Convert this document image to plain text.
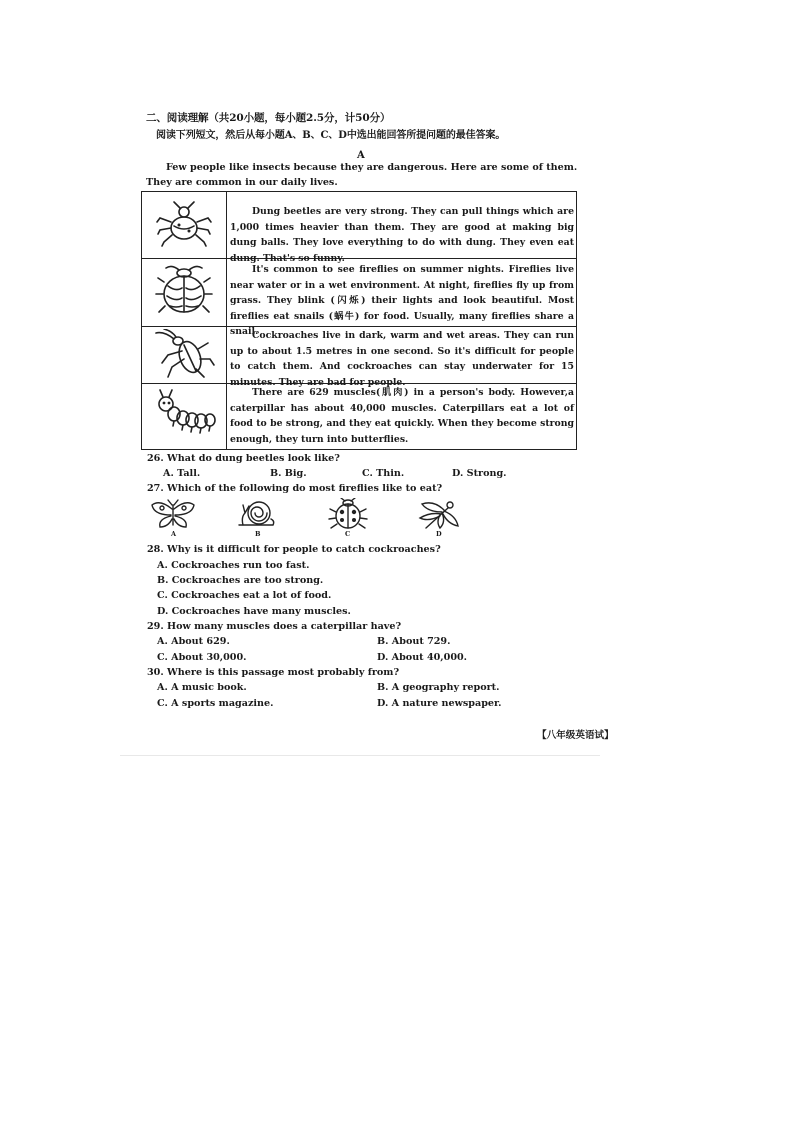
二、阅读理解（共20小题，每小题2.5分，计50分）
阅读下列短文，然后从每小题A、B、C、D中选出能回答所提问题的最佳答案。
A
Few people like insects because they are dangerous. Here are some of them. They are common in our daily lives.
Dung beetles are very strong. They can pull things which are 1,000 times heavier than them. They are good at making big dung balls. They love everything to do with dung. They even eat dung. That's so funny.
It's common to see fireflies on summer nights. Fireflies live near water or in a wet environment. At night, fireflies fly up from grass. They blink (闪烁) their lights and look beautiful. Most fireflies eat snails (蜗牛) for food. Usually, many fireflies share a snail.
Cockroaches live in dark, warm and wet areas. They can run up to about 1.5 metres in one second. So it's difficult for people to catch them. And cockroaches can stay underwater for 15 minutes. They are bad for people.
There are 629 muscles(肌肉) in a person's body. However,a caterpillar has about 40,000 muscles. Caterpillars eat a lot of food to be strong, and they eat quickly. When they become strong enough, they turn into butterflies.
26. What do dung beetles look like?
A. Tall.	B. Big.	C. Thin.	D. Strong.
27. Which of the following do most fireflies like to eat?
A	B	C	D
28. Why is it difficult for people to catch cockroaches?
A. Cockroaches run too fast.
B. Cockroaches are too strong.
C. Cockroaches eat a lot of food.
D. Cockroaches have many muscles.
29. How many muscles does a caterpillar have?
A. About 629.	B. About 729.
C. About 30,000.	D. About 40,000.
30. Where is this passage most probably from?
A. A music book.	B. A geography report.
C. A sports magazine.	D. A nature newspaper.
【八年级英语试】
